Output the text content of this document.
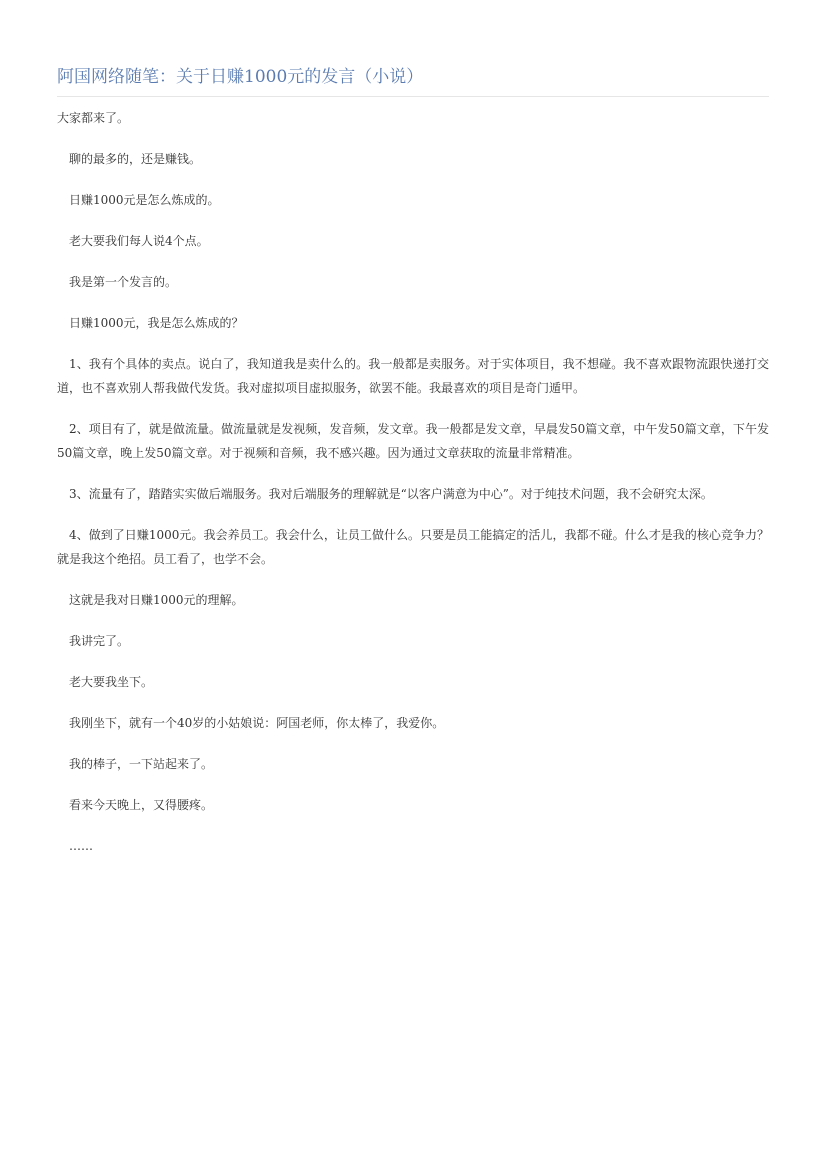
阿国网络随笔：关于日赚1000元的发言（小说）

大家都来了。

聊的最多的，还是赚钱。

日赚1000元是怎么炼成的。

老大要我们每人说4个点。

我是第一个发言的。

日赚1000元，我是怎么炼成的？

1、我有个具体的卖点。说白了，我知道我是卖什么的。我一般都是卖服务。对于实体项目，我不想碰。我不喜欢跟物流跟快递打交道，也不喜欢别人帮我做代发货。我对虚拟项目虚拟服务，欲罢不能。我最喜欢的项目是奇门遁甲。

2、项目有了，就是做流量。做流量就是发视频，发音频，发文章。我一般都是发文章，早晨发50篇文章，中午发50篇文章，下午发50篇文章，晚上发50篇文章。对于视频和音频，我不感兴趣。因为通过文章获取的流量非常精准。

3、流量有了，踏踏实实做后端服务。我对后端服务的理解就是“以客户满意为中心”。对于纯技术问题，我不会研究太深。

4、做到了日赚1000元。我会养员工。我会什么，让员工做什么。只要是员工能搞定的活儿，我都不碰。什么才是我的核心竞争力？就是我这个绝招。员工看了，也学不会。

这就是我对日赚1000元的理解。

我讲完了。

老大要我坐下。

我刚坐下，就有一个40岁的小姑娘说：阿国老师，你太棒了，我爱你。

我的棒子，一下站起来了。

看来今天晚上，又得腰疼。

……
